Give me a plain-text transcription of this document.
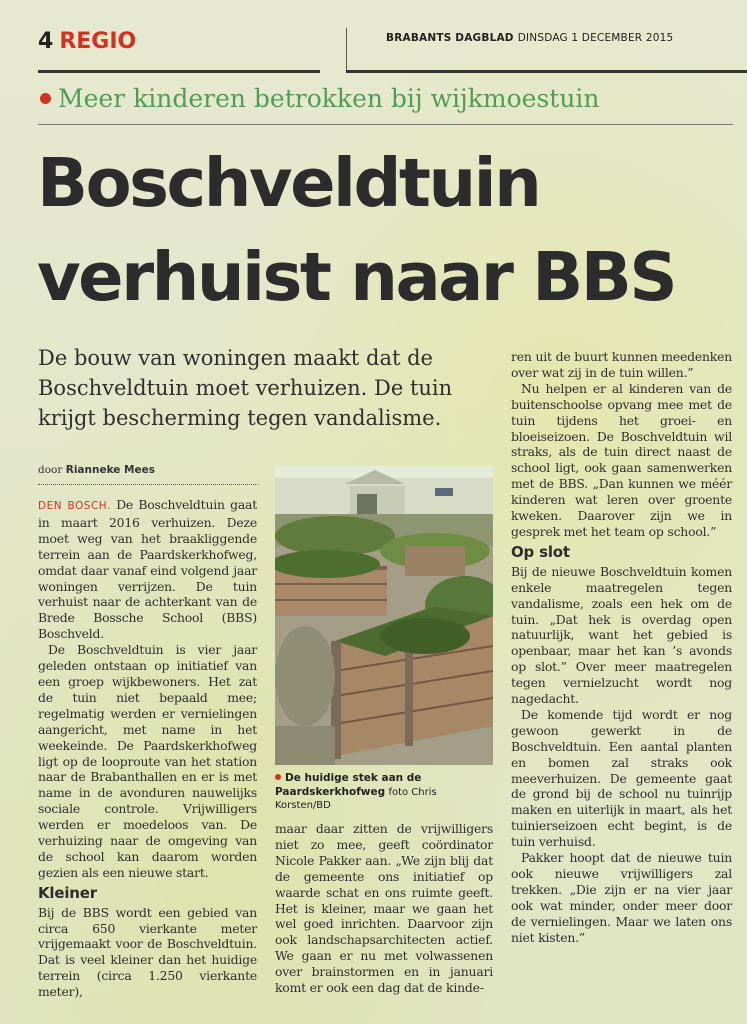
4 REGIO	BRABANTS DAGBLAD DINSDAG 1 DECEMBER 2015
Meer kinderen betrokken bij wijkmoestuin
Boschveldtuin
verhuist naar BBS
De bouw van woningen maakt dat de Boschveldtuin moet verhuizen. De tuin krijgt bescherming tegen vandalisme.
door Rianneke Mees

DEN BOSCH. De Boschveldtuin gaat in maart 2016 verhuizen. Deze moet weg van het braakliggende terrein aan de Paardskerkhofweg, omdat daar vanaf eind volgend jaar woningen verrijzen. De tuin verhuist naar de achterkant van de Brede Bossche School (BBS) Boschveld.

De Boschveldtuin is vier jaar geleden ontstaan op initiatief van een groep wijkbewoners. Het zat de tuin niet bepaald mee; regelmatig werden er vernielingen aangericht, met name in het weekeinde. De Paardskerkhofweg ligt op de looproute van het station naar de Brabanthallen en er is met name in de avonduren nauwelijks sociale controle. Vrijwilligers werden er moedeloos van. De verhuizing naar de omgeving van de school kan daarom worden gezien als een nieuwe start.

Kleiner

Bij de BBS wordt een gebied van circa 650 vierkante meter vrijgemaakt voor de Boschveldtuin. Dat is veel kleiner dan het huidige terrein (circa 1.250 vierkante meter),

De huidige stek aan de Paardskerkhofweg foto Chris Korsten/BD

maar daar zitten de vrijwilligers niet zo mee, geeft coördinator Nicole Pakker aan. „We zijn blij dat de gemeente ons initiatief op waarde schat en ons ruimte geeft. Het is kleiner, maar we gaan het wel goed inrichten. Daarvoor zijn ook landschapsarchitecten actief. We gaan er nu met volwassenen over brainstormen en in januari komt er ook een dag dat de kinde-

ren uit de buurt kunnen meedenken over wat zij in de tuin willen.”

Nu helpen er al kinderen van de buitenschoolse opvang mee met de tuin tijdens het groei- en bloeiseizoen. De Boschveldtuin wil straks, als de tuin direct naast de school ligt, ook gaan samenwerken met de BBS. „Dan kunnen we méér kinderen wat leren over groente kweken. Daarover zijn we in gesprek met het team op school.”

Op slot

Bij de nieuwe Boschveldtuin komen enkele maatregelen tegen vandalisme, zoals een hek om de tuin. „Dat hek is overdag open natuurlijk, want het gebied is openbaar, maar het kan ’s avonds op slot.” Over meer maatregelen tegen vernielzucht wordt nog nagedacht.

De komende tijd wordt er nog gewoon gewerkt in de Boschveldtuin. Een aantal planten en bomen zal straks ook meeverhuizen. De gemeente gaat de grond bij de school nu tuinrijp maken en uiterlijk in maart, als het tuinierseizoen echt begint, is de tuin verhuisd.

Pakker hoopt dat de nieuwe tuin ook nieuwe vrijwilligers zal trekken. „Die zijn er na vier jaar ook wat minder, onder meer door de vernielingen. Maar we laten ons niet kisten.”
